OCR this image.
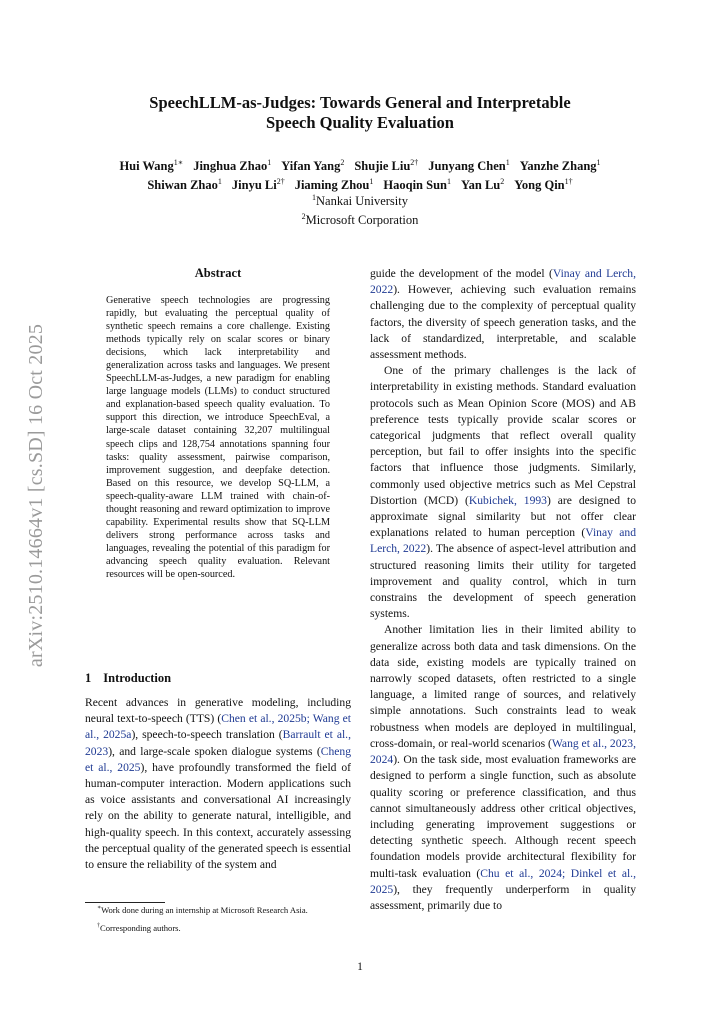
arXiv:2510.14664v1 [cs.SD] 16 Oct 2025
SpeechLLM-as-Judges: Towards General and Interpretable
Speech Quality Evaluation
Hui Wang$^{1∗}$ Jinghua Zhao$^1$ Yifan Yang$^2$ Shujie Liu$^{2\dagger}$ Junyang Chen$^1$ Yanzhe Zhang$^1$
Shiwan Zhao$^1$ Jinyu $Li^{2\dagger}$ Jiaming Zhou$^1$ Haoqin Sun$^1$ Yan Lu$^2$ Yong Qin$^{1\dagger}$
$^1$Nankai University
$^2$Microsoft Corporation
Abstract

Generative speech technologies are progressing rapidly, but evaluating the perceptual quality of synthetic speech remains a core challenge. Existing methods typically rely on scalar scores or binary decisions, which lack interpretability and generalization across tasks and languages. We present SpeechLLM-as-Judges, a new paradigm for enabling large language models (LLMs) to conduct structured and explanation-based speech quality evaluation. To support this direction, we introduce SpeechEval, a large-scale dataset containing 32,207 multilingual speech clips and 128,754 annotations spanning four tasks: quality assessment, pairwise comparison, improvement suggestion, and deepfake detection. Based on this resource, we develop SQ-LLM, a speech-quality-aware LLM trained with chain-of-thought reasoning and reward optimization to improve capability. Experimental results show that SQ-LLM delivers strong performance across tasks and languages, revealing the potential of this paradigm for advancing speech quality evaluation. Relevant resources will be open-sourced.

1 Introduction

Recent advances in generative modeling, including neural text-to-speech (TTS) (Chen et al., 2025b; Wang et al., 2025a), speech-to-speech translation (Barrault et al., 2023), and large-scale spoken dialogue systems (Cheng et al., 2025), have profoundly transformed the field of human-computer interaction. Modern applications such as voice assistants and conversational AI increasingly rely on the ability to generate natural, intelligible, and high-quality speech. In this context, accurately assessing the perceptual quality of the generated speech is essential to ensure the reliability of the system and

∗Work done during an internship at Microsoft Research Asia.

†Corresponding authors.

guide the development of the model (Vinay and Lerch, 2022). However, achieving such evaluation remains challenging due to the complexity of perceptual quality factors, the diversity of speech generation tasks, and the lack of standardized, interpretable, and scalable assessment methods.

One of the primary challenges is the lack of interpretability in existing methods. Standard evaluation protocols such as Mean Opinion Score (MOS) and AB preference tests typically provide scalar scores or categorical judgments that reflect overall quality perception, but fail to offer insights into the specific factors that influence those judgments. Similarly, commonly used objective metrics such as Mel Cepstral Distortion (MCD) (Kubichek, 1993) are designed to approximate signal similarity but not offer clear explanations related to human perception (Vinay and Lerch, 2022). The absence of aspect-level attribution and structured reasoning limits their utility for targeted improvement and quality control, which in turn constrains the development of speech generation systems.

Another limitation lies in their limited ability to generalize across both data and task dimensions. On the data side, existing models are typically trained on narrowly scoped datasets, often restricted to a single language, a limited range of sources, and relatively simple annotations. Such constraints lead to weak robustness when models are deployed in multilingual, cross-domain, or real-world scenarios (Wang et al., 2023, 2024). On the task side, most evaluation frameworks are designed to perform a single function, such as absolute quality scoring or preference classification, and thus cannot simultaneously address other critical objectives, including generating improvement suggestions or detecting synthetic speech. Although recent speech foundation models provide architectural flexibility for multi-task evaluation (Chu et al., 2024; Dinkel et al., 2025), they frequently underperform in quality assessment, primarily due to

1
